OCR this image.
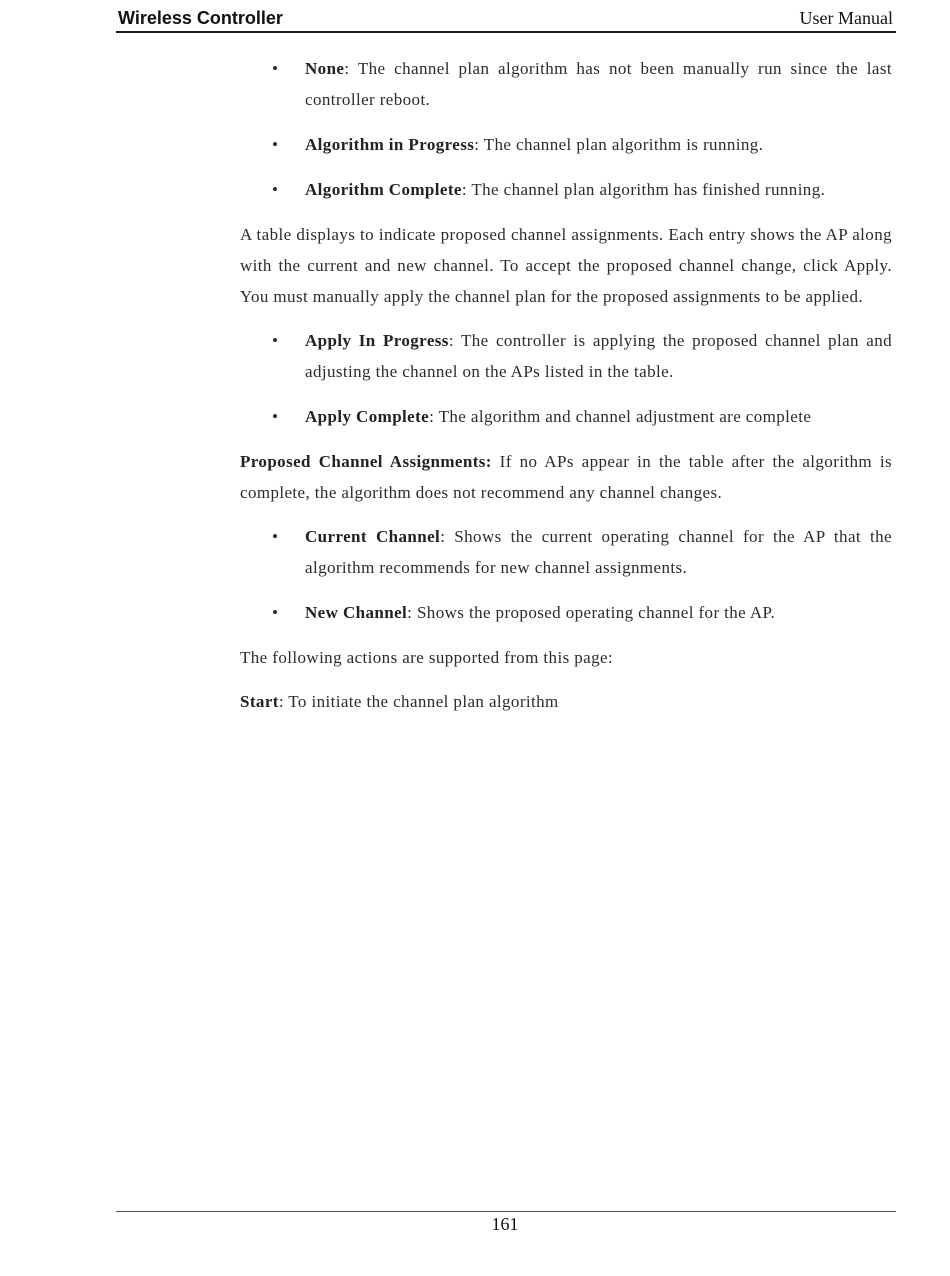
Wireless Controller	User Manual
• None: The channel plan algorithm has not been manually run since the last controller reboot.
• Algorithm in Progress: The channel plan algorithm is running.
• Algorithm Complete: The channel plan algorithm has finished running.

A table displays to indicate proposed channel assignments. Each entry shows the AP along with the current and new channel. To accept the proposed channel change, click Apply. You must manually apply the channel plan for the proposed assignments to be applied.

• Apply In Progress: The controller is applying the proposed channel plan and adjusting the channel on the APs listed in the table.
• Apply Complete: The algorithm and channel adjustment are complete

Proposed Channel Assignments: If no APs appear in the table after the algorithm is complete, the algorithm does not recommend any channel changes.

• Current Channel: Shows the current operating channel for the AP that the algorithm recommends for new channel assignments.
• New Channel: Shows the proposed operating channel for the AP.

The following actions are supported from this page:

Start: To initiate the channel plan algorithm

161
